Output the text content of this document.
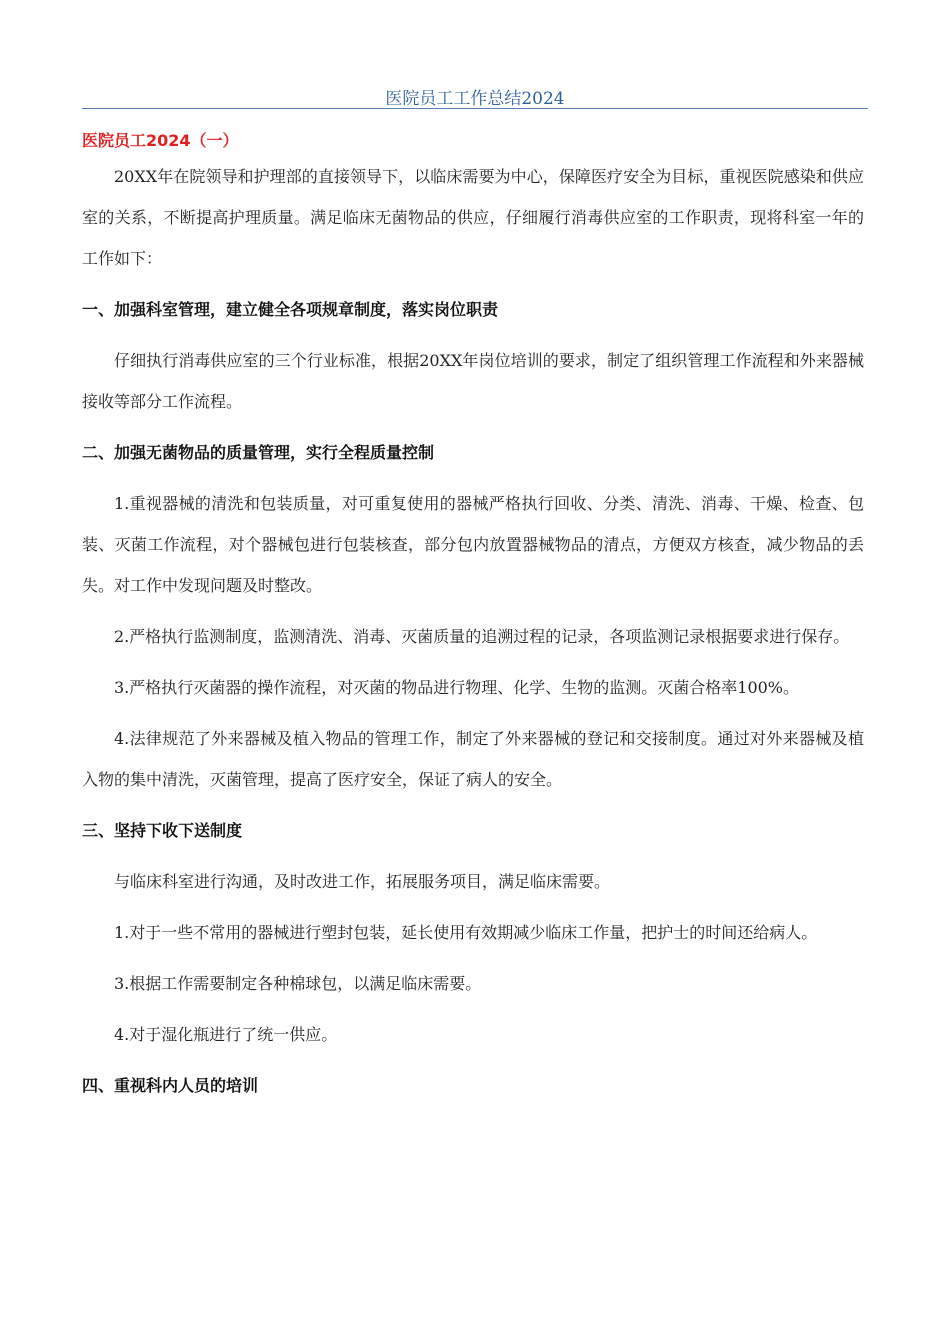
医院员工工作总结2024
医院员工2024（一）

20XX年在院领导和护理部的直接领导下，以临床需要为中心，保障医疗安全为目标，重视医院感染和供应室的关系，不断提高护理质量。满足临床无菌物品的供应，仔细履行消毒供应室的工作职责，现将科室一年的工作如下：

一、加强科室管理，建立健全各项规章制度，落实岗位职责

仔细执行消毒供应室的三个行业标准，根据20XX年岗位培训的要求，制定了组织管理工作流程和外来器械接收等部分工作流程。

二、加强无菌物品的质量管理，实行全程质量控制

1.重视器械的清洗和包装质量，对可重复使用的器械严格执行回收、分类、清洗、消毒、干燥、检查、包装、灭菌工作流程，对个器械包进行包装核查，部分包内放置器械物品的清点，方便双方核查，减少物品的丢失。对工作中发现问题及时整改。

2.严格执行监测制度，监测清洗、消毒、灭菌质量的追溯过程的记录，各项监测记录根据要求进行保存。

3.严格执行灭菌器的操作流程，对灭菌的物品进行物理、化学、生物的监测。灭菌合格率100%。

4.法律规范了外来器械及植入物品的管理工作，制定了外来器械的登记和交接制度。通过对外来器械及植入物的集中清洗，灭菌管理，提高了医疗安全，保证了病人的安全。

三、坚持下收下送制度

与临床科室进行沟通，及时改进工作，拓展服务项目，满足临床需要。

1.对于一些不常用的器械进行塑封包装，延长使用有效期减少临床工作量，把护士的时间还给病人。

3.根据工作需要制定各种棉球包，以满足临床需要。

4.对于湿化瓶进行了统一供应。

四、重视科内人员的培训
